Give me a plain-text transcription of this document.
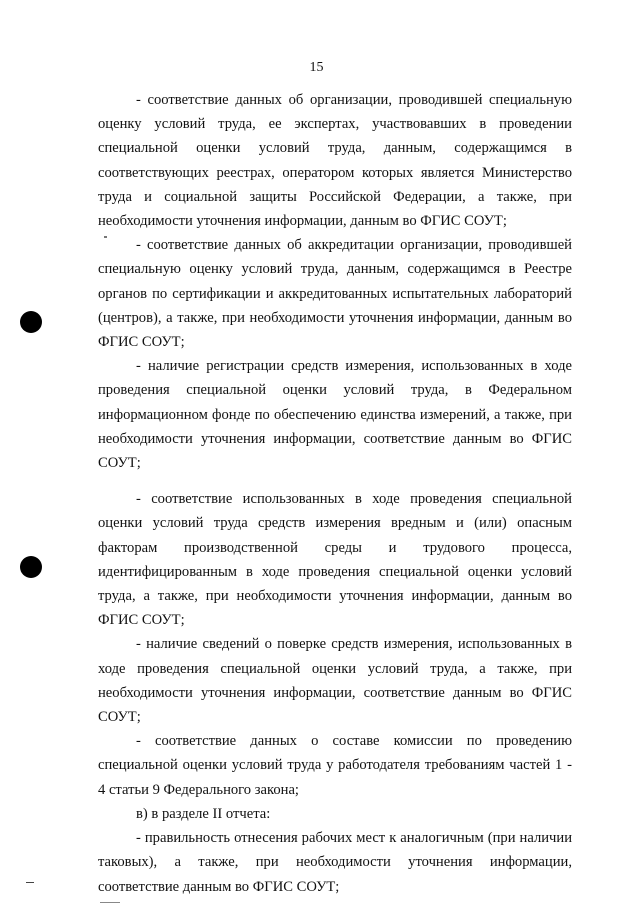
15

- соответствие данных об организации, проводившей специальную оценку условий труда, ее экспертах, участвовавших в проведении специальной оценки условий труда, данным, содержащимся в соответствующих реестрах, оператором которых является Министерство труда и социальной защиты Российской Федерации, а также, при необходимости уточнения информации, данным во ФГИС СОУТ;

- соответствие данных об аккредитации организации, проводившей специальную оценку условий труда, данным, содержащимся в Реестре органов по сертификации и аккредитованных испытательных лабораторий (центров), а также, при необходимости уточнения информации, данным во ФГИС СОУТ;

- наличие регистрации средств измерения, использованных в ходе проведения специальной оценки условий труда, в Федеральном информационном фонде по обеспечению единства измерений, а также, при необходимости уточнения информации, соответствие данным во ФГИС СОУТ;

- соответствие использованных в ходе проведения специальной оценки условий труда средств измерения вредным и (или) опасным факторам производственной среды и трудового процесса, идентифицированным в ходе проведения специальной оценки условий труда, а также, при необходимости уточнения информации, данным во ФГИС СОУТ;

- наличие сведений о поверке средств измерения, использованных в ходе проведения специальной оценки условий труда, а также, при необходимости уточнения информации, соответствие данным во ФГИС СОУТ;

- соответствие данных о составе комиссии по проведению специальной оценки условий труда у работодателя требованиям частей 1 - 4 статьи 9 Федерального закона;

в) в разделе II отчета:

- правильность отнесения рабочих мест к аналогичным (при наличии таковых), а также, при необходимости уточнения информации, соответствие данным во ФГИС СОУТ;
